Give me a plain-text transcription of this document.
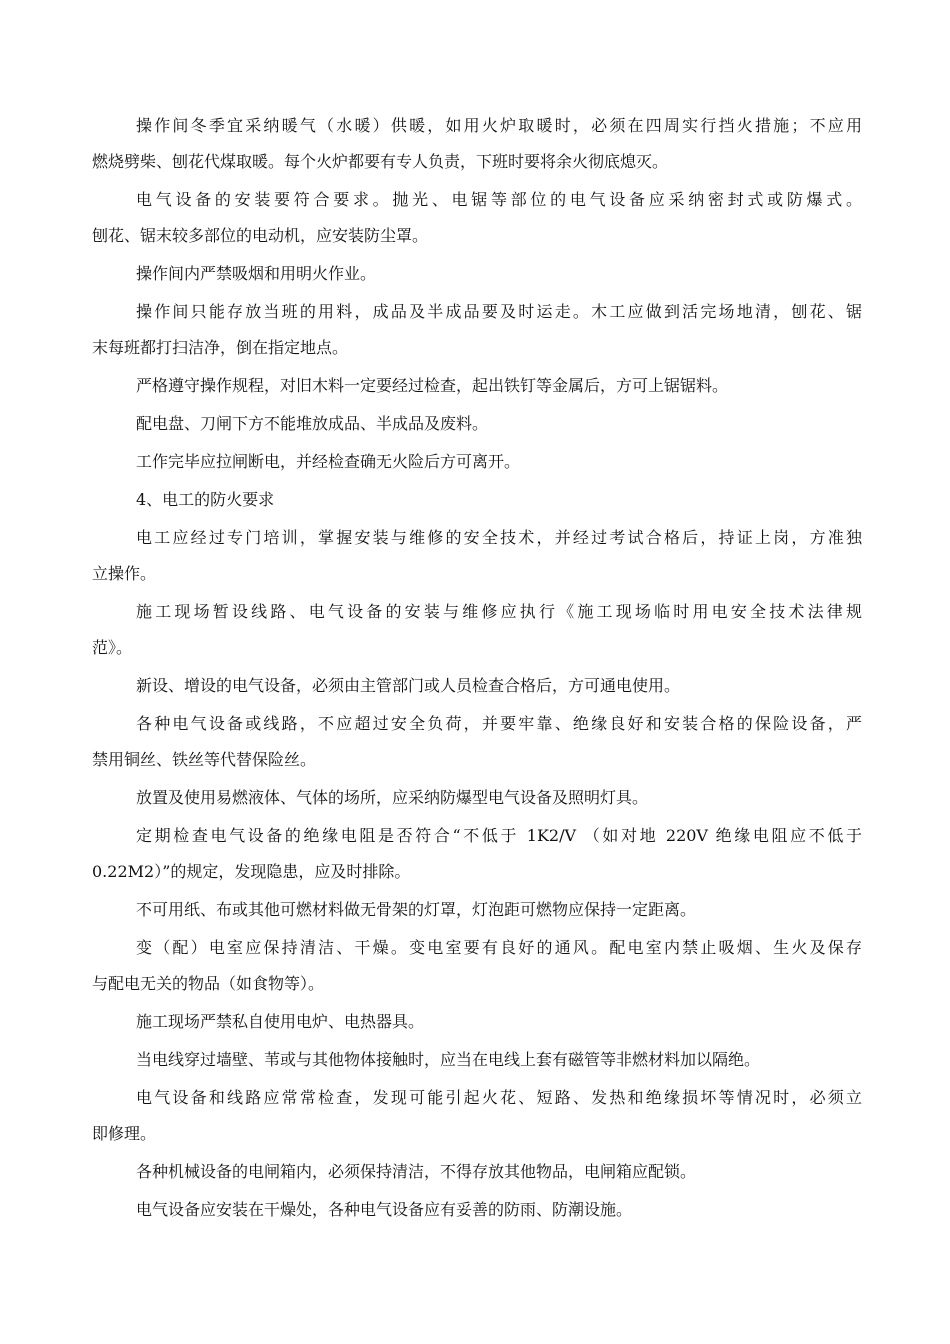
操作间冬季宜采纳暖气（水暖）供暖，如用火炉取暖时，必须在四周实行挡火措施；不应用
燃烧劈柴、刨花代煤取暖。每个火炉都要有专人负责，下班时要将余火彻底熄灭。
电气设备的安装要符合要求。抛光、电锯等部位的电气设备应采纳密封式或防爆式。
刨花、锯末较多部位的电动机，应安装防尘罩。
操作间内严禁吸烟和用明火作业。
操作间只能存放当班的用料，成品及半成品要及时运走。木工应做到活完场地清，刨花、锯
末每班都打扫洁净，倒在指定地点。
严格遵守操作规程，对旧木料一定要经过检查，起出铁钉等金属后，方可上锯锯料。
配电盘、刀闸下方不能堆放成品、半成品及废料。
工作完毕应拉闸断电，并经检查确无火险后方可离开。
4、电工的防火要求
电工应经过专门培训，掌握安装与维修的安全技术，并经过考试合格后，持证上岗，方准独
立操作。
施工现场暂设线路、电气设备的安装与维修应执行《施工现场临时用电安全技术法律规
范》。
新设、增设的电气设备，必须由主管部门或人员检查合格后，方可通电使用。
各种电气设备或线路，不应超过安全负荷，并要牢靠、绝缘良好和安装合格的保险设备，严
禁用铜丝、铁丝等代替保险丝。
放置及使用易燃液体、气体的场所，应采纳防爆型电气设备及照明灯具。
定期检查电气设备的绝缘电阻是否符合“不低于 1K2/V （如对地 220V 绝缘电阻应不低于
0.22M2）”的规定，发现隐患，应及时排除。
不可用纸、布或其他可燃材料做无骨架的灯罩，灯泡距可燃物应保持一定距离。
变（配）电室应保持清洁、干燥。变电室要有良好的通风。配电室内禁止吸烟、生火及保存
与配电无关的物品（如食物等）。
施工现场严禁私自使用电炉、电热器具。
当电线穿过墙壁、苇或与其他物体接触时，应当在电线上套有磁管等非燃材料加以隔绝。
电气设备和线路应常常检查，发现可能引起火花、短路、发热和绝缘损坏等情况时，必须立
即修理。
各种机械设备的电闸箱内，必须保持清洁，不得存放其他物品，电闸箱应配锁。
电气设备应安装在干燥处，各种电气设备应有妥善的防雨、防潮设施。
